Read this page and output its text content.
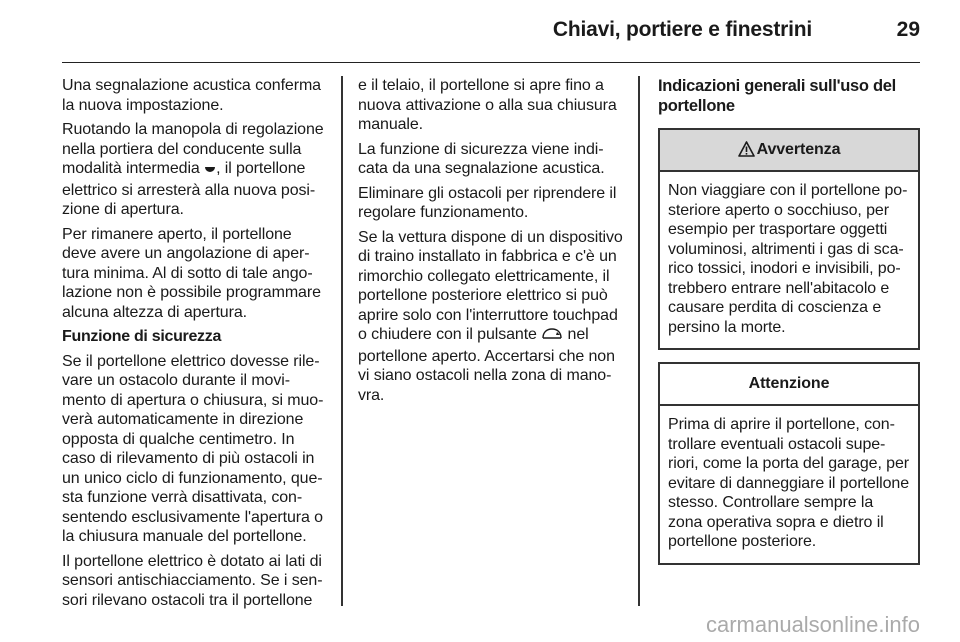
Chiavi, portiere e finestrini	29

Una segnalazione acustica conferma la nuova impostazione.

Ruotando la manopola di regolazione nella portiera del conducente sulla modalità intermedia , il portellone elettrico si arresterà alla nuova posi-zione di apertura.

Per rimanere aperto, il portellone deve avere un angolazione di aper-tura minima. Al di sotto di tale ango-lazione non è possibile programmare alcuna altezza di apertura.

Funzione di sicurezza

Se il portellone elettrico dovesse rile-vare un ostacolo durante il movi-mento di apertura o chiusura, si muo-verà automaticamente in direzione opposta di qualche centimetro. In caso di rilevamento di più ostacoli in un unico ciclo di funzionamento, que-sta funzione verrà disattivata, con-sentendo esclusivamente l'apertura o la chiusura manuale del portellone.

Il portellone elettrico è dotato ai lati di sensori antischiacciamento. Se i sen-sori rilevano ostacoli tra il portellone

e il telaio, il portellone si apre fino a nuova attivazione o alla sua chiusura manuale.

La funzione di sicurezza viene indi-cata da una segnalazione acustica.

Eliminare gli ostacoli per riprendere il regolare funzionamento.

Se la vettura dispone di un dispositivo di traino installato in fabbrica e c'è un rimorchio collegato elettricamente, il portellone posteriore elettrico si può aprire solo con l'interruttore touchpad o chiudere con il pulsante  nel portellone aperto. Accertarsi che non vi siano ostacoli nella zona di mano-vra.

Indicazioni generali sull'uso del portellone
Avvertenza
Non viaggiare con il portellone po-steriore aperto o socchiuso, per esempio per trasportare oggetti voluminosi, altrimenti i gas di sca-rico tossici, inodori e invisibili, po-trebbero entrare nell'abitacolo e causare perdita di coscienza e persino la morte.
Attenzione
Prima di aprire il portellone, con-trollare eventuali ostacoli supe-riori, come la porta del garage, per evitare di danneggiare il portellone stesso. Controllare sempre la zona operativa sopra e dietro il portellone posteriore.
carmanualsonline.info
